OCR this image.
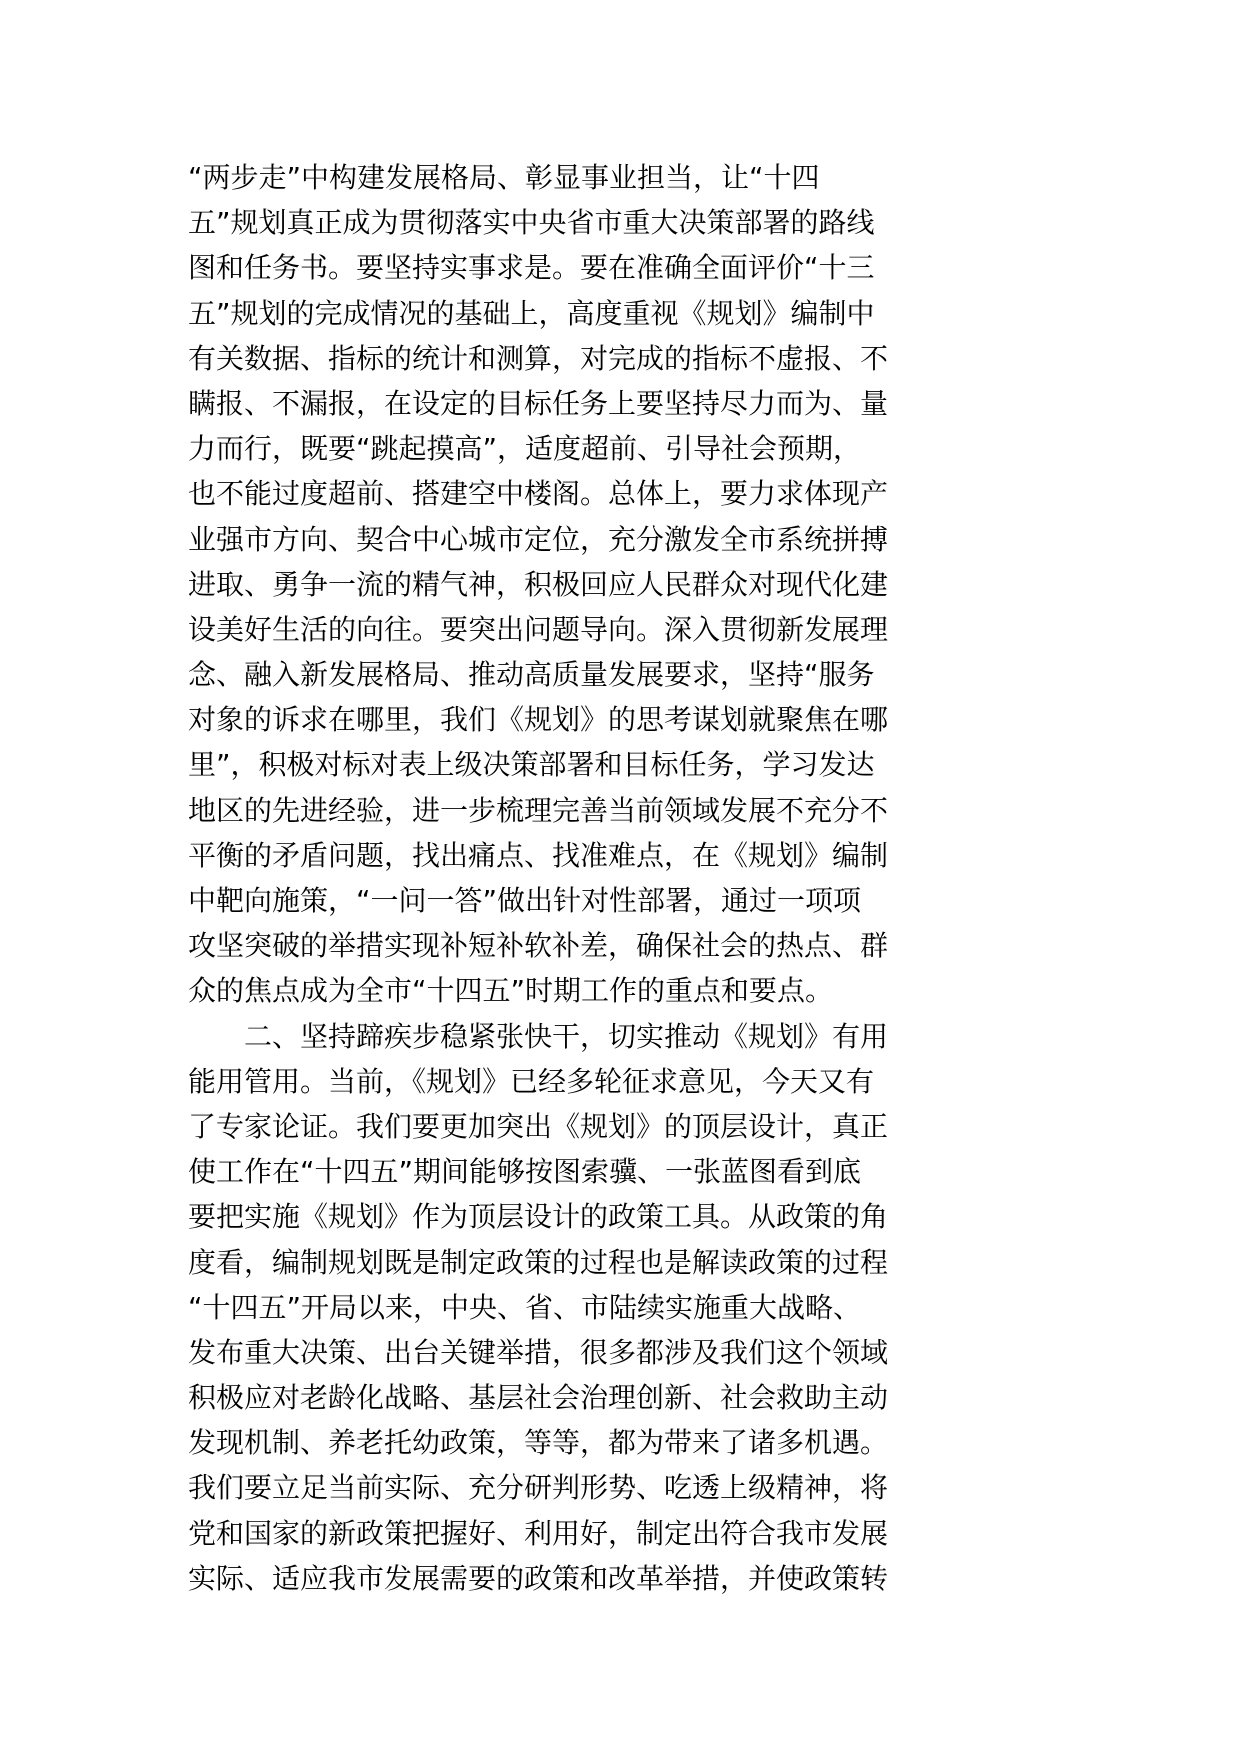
“两步走”中构建发展格局、彰显事业担当，让“十四
五”规划真正成为贯彻落实中央省市重大决策部署的路线
图和任务书。要坚持实事求是。要在准确全面评价“十三
五”规划的完成情况的基础上，高度重视《规划》编制中
有关数据、指标的统计和测算，对完成的指标不虚报、不
瞒报、不漏报，在设定的目标任务上要坚持尽力而为、量
力而行，既要“跳起摸高”，适度超前、引导社会预期，
也不能过度超前、搭建空中楼阁。总体上，要力求体现产
业强市方向、契合中心城市定位，充分激发全市系统拼搏
进取、勇争一流的精气神，积极回应人民群众对现代化建
设美好生活的向往。要突出问题导向。深入贯彻新发展理
念、融入新发展格局、推动高质量发展要求，坚持“服务
对象的诉求在哪里，我们《规划》的思考谋划就聚焦在哪
里”，积极对标对表上级决策部署和目标任务，学习发达
地区的先进经验，进一步梳理完善当前领域发展不充分不
平衡的矛盾问题，找出痛点、找准难点，在《规划》编制
中靶向施策，“一问一答”做出针对性部署，通过一项项
攻坚突破的举措实现补短补软补差，确保社会的热点、群
众的焦点成为全市“十四五”时期工作的重点和要点。
　　二、坚持蹄疾步稳紧张快干，切实推动《规划》有用
能用管用。当前，《规划》已经多轮征求意见，今天又有
了专家论证。我们要更加突出《规划》的顶层设计，真正
使工作在“十四五”期间能够按图索骥、一张蓝图看到底
要把实施《规划》作为顶层设计的政策工具。从政策的角
度看，编制规划既是制定政策的过程也是解读政策的过程
“十四五”开局以来，中央、省、市陆续实施重大战略、
发布重大决策、出台关键举措，很多都涉及我们这个领域
积极应对老龄化战略、基层社会治理创新、社会救助主动
发现机制、养老托幼政策，等等，都为带来了诸多机遇。
我们要立足当前实际、充分研判形势、吃透上级精神，将
党和国家的新政策把握好、利用好，制定出符合我市发展
实际、适应我市发展需要的政策和改革举措，并使政策转
